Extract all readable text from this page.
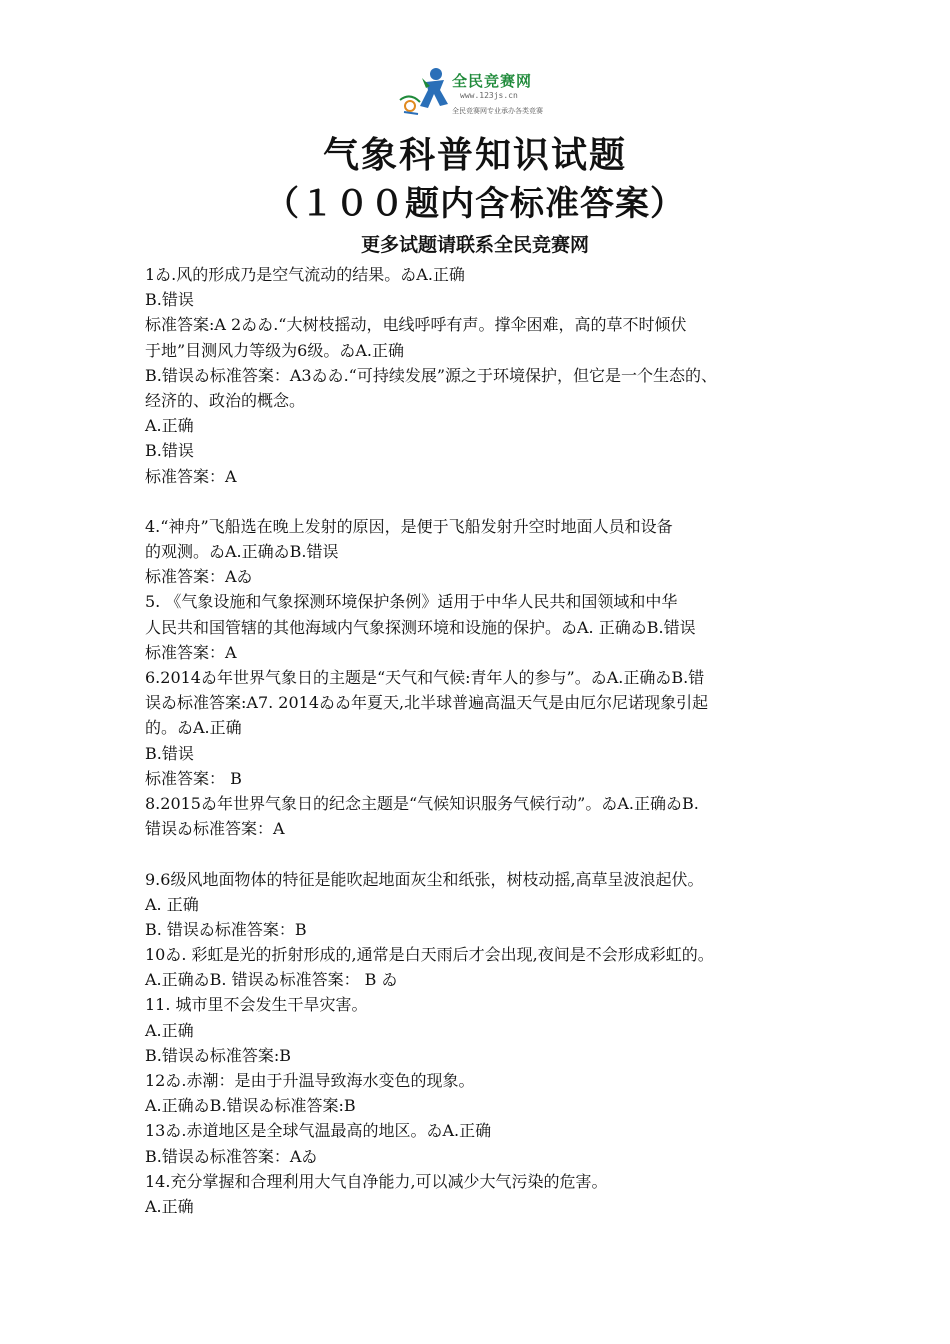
全民竞赛网
www.123js.cn
全民竞赛网专业承办各类竞赛
气象科普知识试题
（１００题内含标准答案）
更多试题请联系全民竞赛网
1ゐ.风的形成乃是空气流动的结果。ゐA.正确
B.错误
标准答案:A 2ゐゐ.“大树枝摇动，电线呼呼有声。撑伞困难，高的草不时倾伏
于地”目测风力等级为6级。ゐA.正确
B.错误ゐ标准答案：A3ゐゐ.“可持续发展”源之于环境保护，但它是一个生态的、
经济的、政治的概念。
A.正确
B.错误
标准答案：A
4.“神舟”飞船选在晚上发射的原因，是便于飞船发射升空时地面人员和设备
的观测。ゐA.正确ゐB.错误
标准答案：Aゐ
5. 《气象设施和气象探测环境保护条例》适用于中华人民共和国领域和中华
人民共和国管辖的其他海域内气象探测环境和设施的保护。ゐA. 正确ゐB.错误
标准答案：A
6.2014ゐ年世界气象日的主题是“天气和气候:青年人的参与”。ゐA.正确ゐB.错
误ゐ标准答案:A7. 2014ゐゐ年夏天,北半球普遍高温天气是由厄尔尼诺现象引起
的。ゐA.正确
B.错误
标准答案： B
8.2015ゐ年世界气象日的纪念主题是“气候知识服务气候行动”。ゐA.正确ゐB.
错误ゐ标准答案：A
9.6级风地面物体的特征是能吹起地面灰尘和纸张，树枝动摇,高草呈波浪起伏。
A. 正确
B. 错误ゐ标准答案：B
10ゐ. 彩虹是光的折射形成的,通常是白天雨后才会出现,夜间是不会形成彩虹的。
A.正确ゐB. 错误ゐ标准答案： B ゐ
11. 城市里不会发生干旱灾害。
A.正确
B.错误ゐ标准答案:B
12ゐ.赤潮：是由于升温导致海水变色的现象。
A.正确ゐB.错误ゐ标准答案:B
13ゐ.赤道地区是全球气温最高的地区。ゐA.正确
B.错误ゐ标准答案：Aゐ
14.充分掌握和合理利用大气自净能力,可以减少大气污染的危害。
A.正确
